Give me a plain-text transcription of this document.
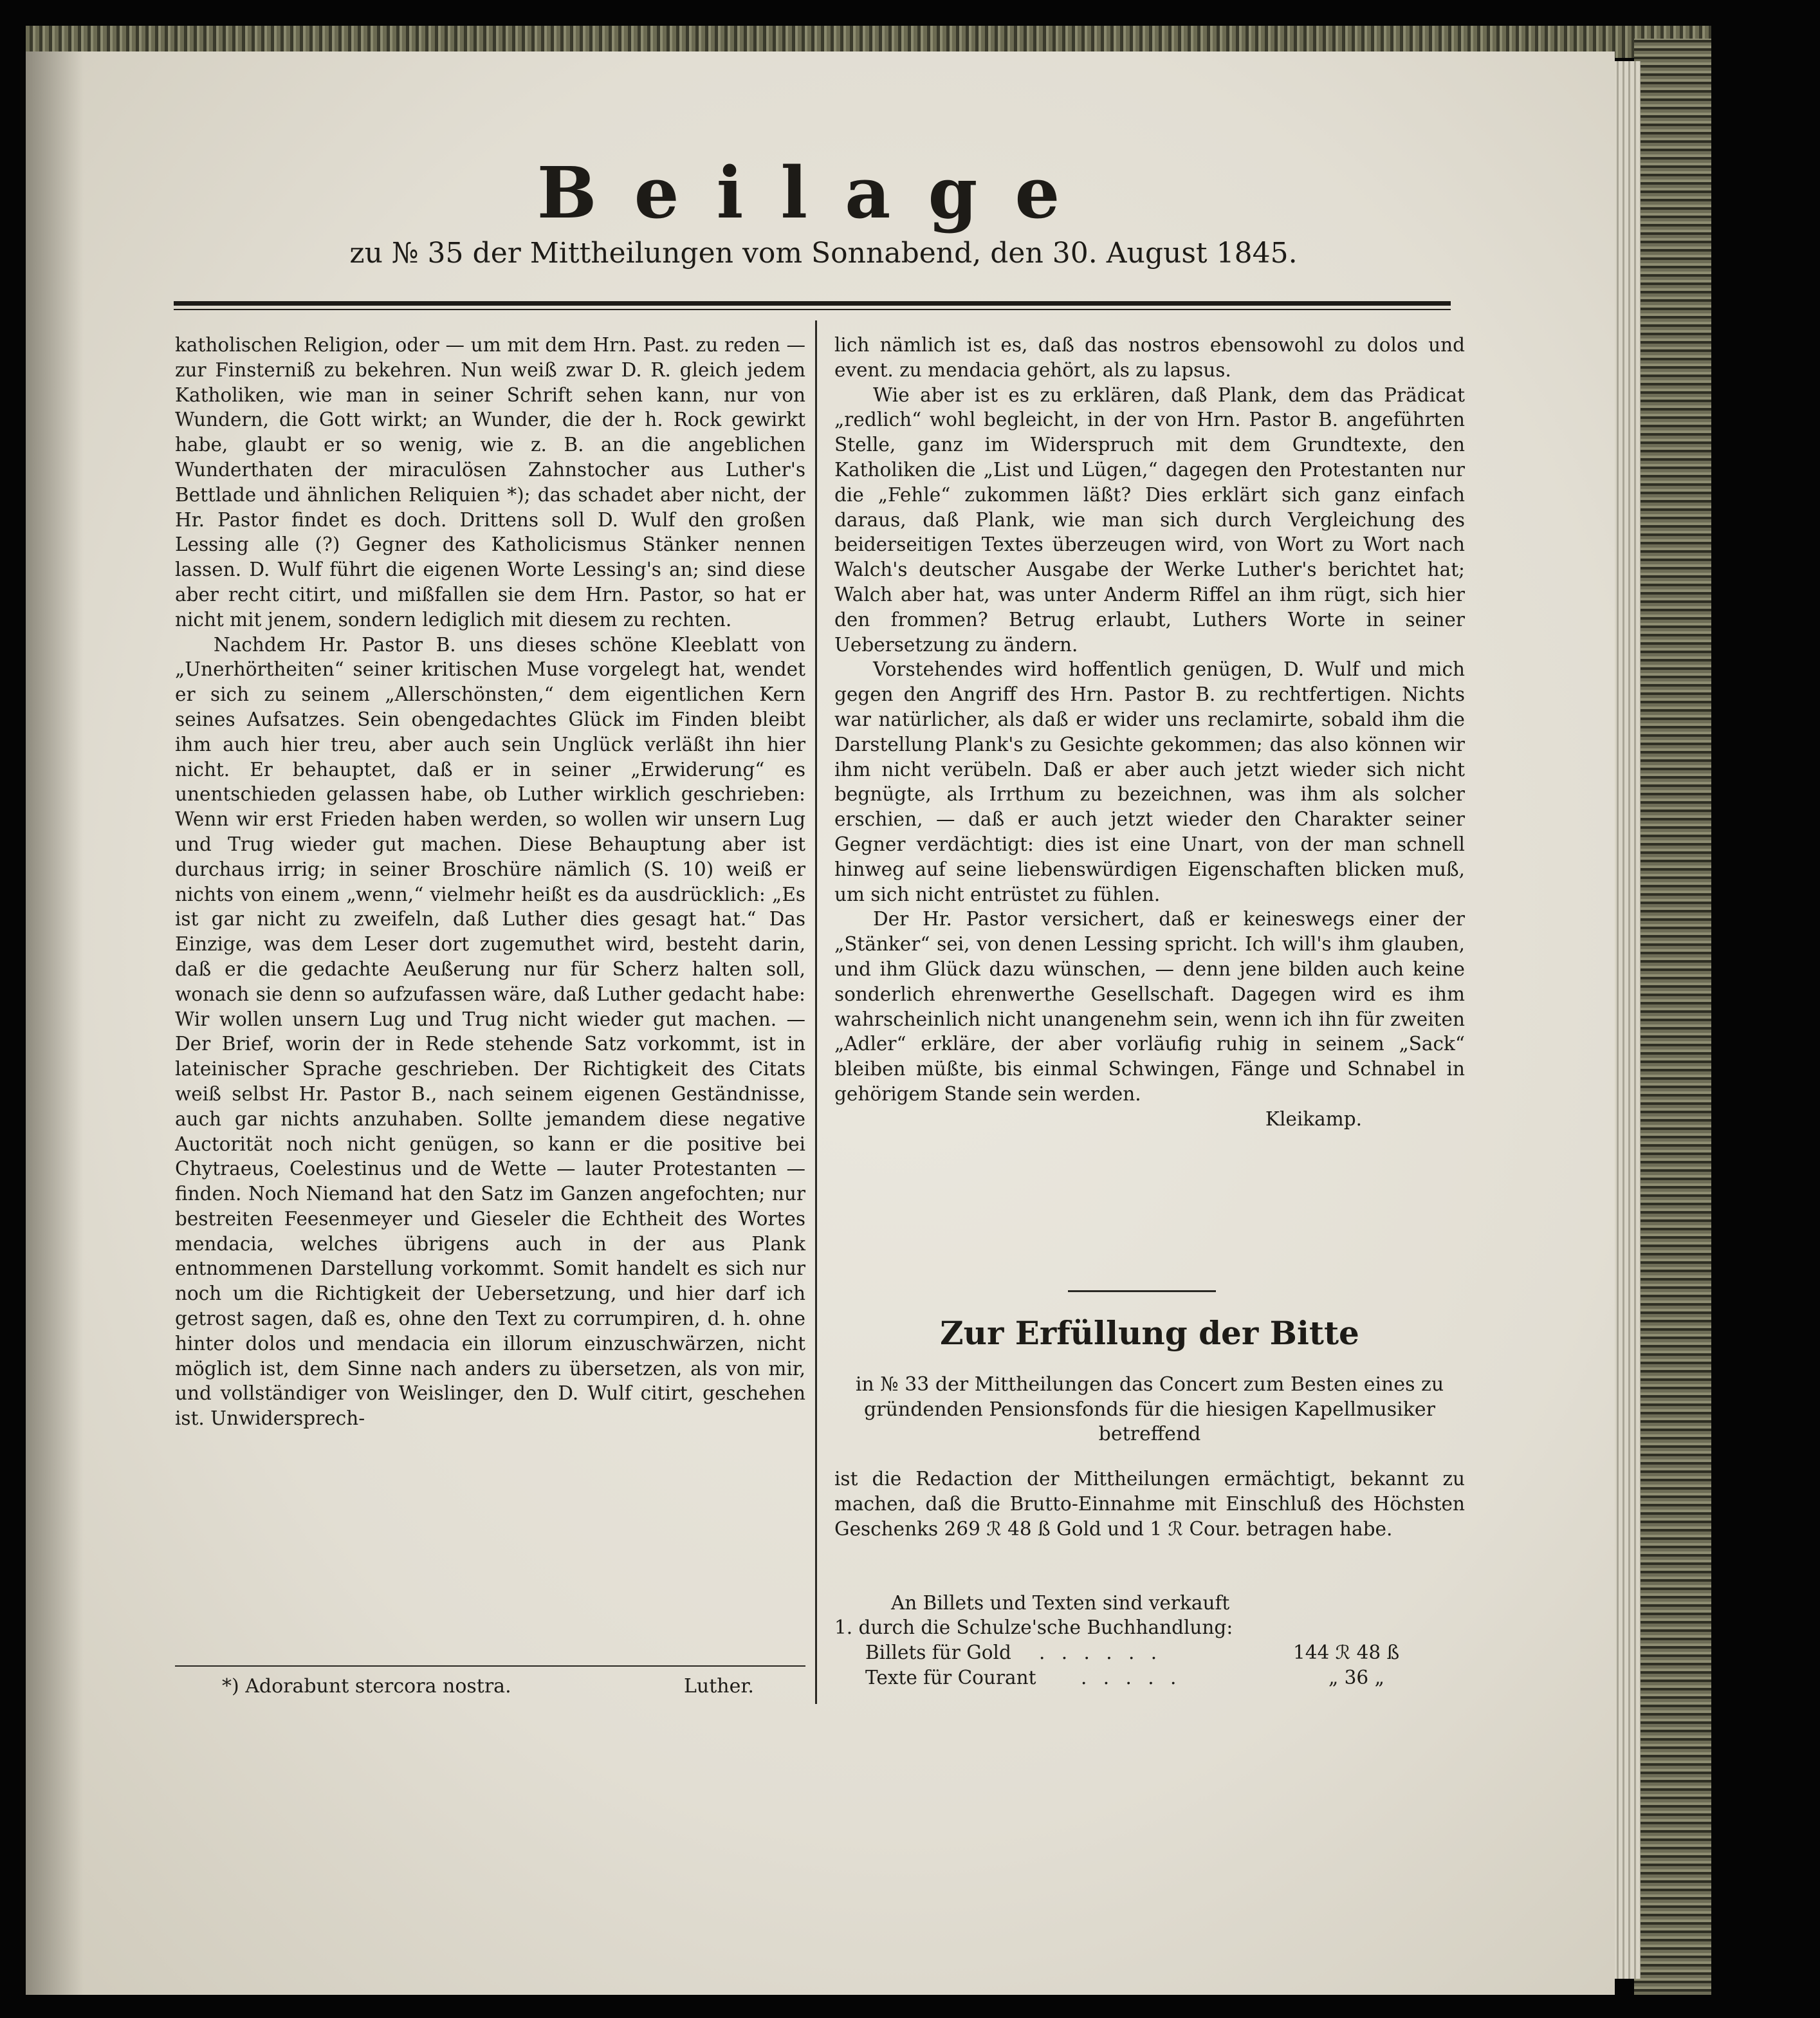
Beilage
zu № 35 der Mittheilungen vom Sonnabend, den 30. August 1845.

katholischen Religion, oder — um mit dem Hrn. Past. zu reden — zur Finsterniß zu bekehren. Nun weiß zwar D. R. gleich jedem Katholiken, wie man in seiner Schrift sehen kann, nur von Wundern, die Gott wirkt; an Wunder, die der h. Rock gewirkt habe, glaubt er so wenig, wie z. B. an die angeblichen Wunderthaten der miraculösen Zahnstocher aus Luther's Bettlade und ähnlichen Reliquien *); das schadet aber nicht, der Hr. Pastor findet es doch. Drittens soll D. Wulf den großen Lessing alle (?) Gegner des Katholicismus Stänker nennen lassen. D. Wulf führt die eigenen Worte Lessing's an; sind diese aber recht citirt, und mißfallen sie dem Hrn. Pastor, so hat er nicht mit jenem, sondern lediglich mit diesem zu rechten.

Nachdem Hr. Pastor B. uns dieses schöne Kleeblatt von „Unerhörtheiten“ seiner kritischen Muse vorgelegt hat, wendet er sich zu seinem „Allerschönsten,“ dem eigentlichen Kern seines Aufsatzes. Sein obengedachtes Glück im Finden bleibt ihm auch hier treu, aber auch sein Unglück verläßt ihn hier nicht. Er behauptet, daß er in seiner „Erwiderung“ es unentschieden gelassen habe, ob Luther wirklich geschrieben: Wenn wir erst Frieden haben werden, so wollen wir unsern Lug und Trug wieder gut machen. Diese Behauptung aber ist durchaus irrig; in seiner Broschüre nämlich (S. 10) weiß er nichts von einem „wenn,“ vielmehr heißt es da ausdrücklich: „Es ist gar nicht zu zweifeln, daß Luther dies gesagt hat.“ Das Einzige, was dem Leser dort zugemuthet wird, besteht darin, daß er die gedachte Aeußerung nur für Scherz halten soll, wonach sie denn so aufzufassen wäre, daß Luther gedacht habe: Wir wollen unsern Lug und Trug nicht wieder gut machen. — Der Brief, worin der in Rede stehende Satz vorkommt, ist in lateinischer Sprache geschrieben. Der Richtigkeit des Citats weiß selbst Hr. Pastor B., nach seinem eigenen Geständnisse, auch gar nichts anzuhaben. Sollte jemandem diese negative Auctorität noch nicht genügen, so kann er die positive bei Chytraeus, Coelestinus und de Wette — lauter Protestanten — finden. Noch Niemand hat den Satz im Ganzen angefochten; nur bestreiten Feesenmeyer und Gieseler die Echtheit des Wortes mendacia, welches übrigens auch in der aus Plank entnommenen Darstellung vorkommt. Somit handelt es sich nur noch um die Richtigkeit der Uebersetzung, und hier darf ich getrost sagen, daß es, ohne den Text zu corrumpiren, d. h. ohne hinter dolos und mendacia ein illorum einzuschwärzen, nicht möglich ist, dem Sinne nach anders zu übersetzen, als von mir, und vollständiger von Weislinger, den D. Wulf citirt, geschehen ist. Unwidersprech-

*) Adorabunt stercora nostra.	Luther.

lich nämlich ist es, daß das nostros ebensowohl zu dolos und event. zu mendacia gehört, als zu lapsus.

Wie aber ist es zu erklären, daß Plank, dem das Prädicat „redlich“ wohl begleicht, in der von Hrn. Pastor B. angeführten Stelle, ganz im Widerspruch mit dem Grundtexte, den Katholiken die „List und Lügen,“ dagegen den Protestanten nur die „Fehle“ zukommen läßt? Dies erklärt sich ganz einfach daraus, daß Plank, wie man sich durch Vergleichung des beiderseitigen Textes überzeugen wird, von Wort zu Wort nach Walch's deutscher Ausgabe der Werke Luther's berichtet hat; Walch aber hat, was unter Anderm Riffel an ihm rügt, sich hier den frommen? Betrug erlaubt, Luthers Worte in seiner Uebersetzung zu ändern.

Vorstehendes wird hoffentlich genügen, D. Wulf und mich gegen den Angriff des Hrn. Pastor B. zu rechtfertigen. Nichts war natürlicher, als daß er wider uns reclamirte, sobald ihm die Darstellung Plank's zu Gesichte gekommen; das also können wir ihm nicht verübeln. Daß er aber auch jetzt wieder sich nicht begnügte, als Irrthum zu bezeichnen, was ihm als solcher erschien, — daß er auch jetzt wieder den Charakter seiner Gegner verdächtigt: dies ist eine Unart, von der man schnell hinweg auf seine liebenswürdigen Eigenschaften blicken muß, um sich nicht entrüstet zu fühlen.

Der Hr. Pastor versichert, daß er keineswegs einer der „Stänker“ sei, von denen Lessing spricht. Ich will's ihm glauben, und ihm Glück dazu wünschen, — denn jene bilden auch keine sonderlich ehrenwerthe Gesellschaft. Dagegen wird es ihm wahrscheinlich nicht unangenehm sein, wenn ich ihn für zweiten „Adler“ erkläre, der aber vorläufig ruhig in seinem „Sack“ bleiben müßte, bis einmal Schwingen, Fänge und Schnabel in gehörigem Stande sein werden.

Kleikamp.

Zur Erfüllung der Bitte
in № 33 der Mittheilungen das Concert zum Besten eines zu gründenden Pensionsfonds für die hiesigen Kapellmusiker betreffend
ist die Redaction der Mittheilungen ermächtigt, bekannt zu machen, daß die Brutto-Einnahme mit Einschluß des Höchsten Geschenks 269 ℛ 48 ß Gold und 1 ℛ Cour. betragen habe.
An Billets und Texten sind verkauft
1. durch die Schulze'sche Buchhandlung:
Billets für Gold . . . . . .	144 ℛ 48 ß
Texte für Courant . . . . .	„ 36 „
